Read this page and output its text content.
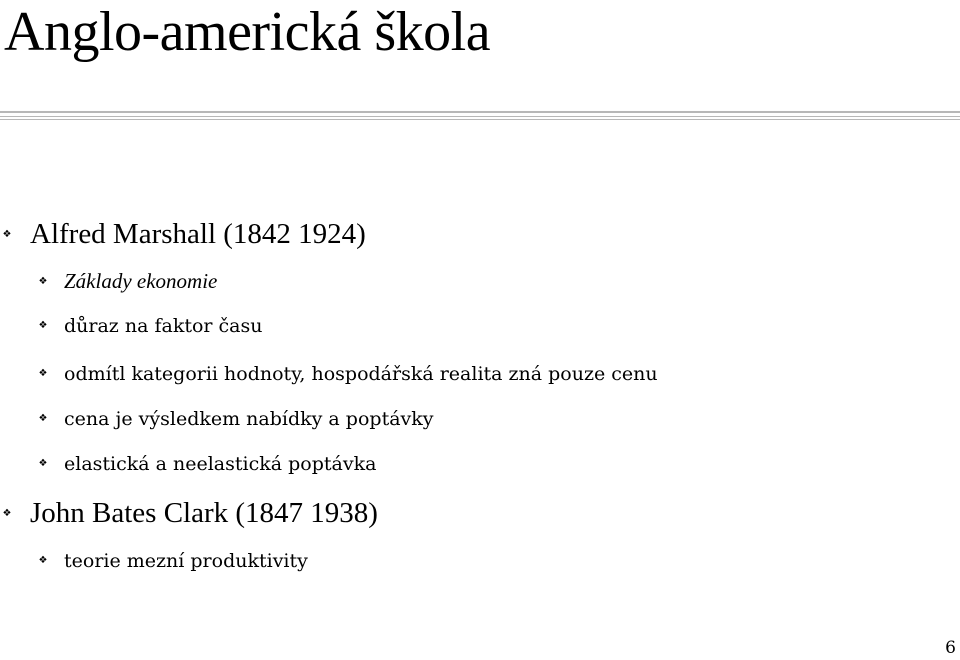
Anglo-americká škola
❖ Alfred Marshall (1842 1924)
❖ Základy ekonomie
❖ důraz na faktor času
❖ odmítl kategorii hodnoty, hospodářská realita zná pouze cenu
❖ cena je výsledkem nabídky a poptávky
❖ elastická a neelastická poptávka
❖ John Bates Clark (1847 1938)
❖ teorie mezní produktivity
6
